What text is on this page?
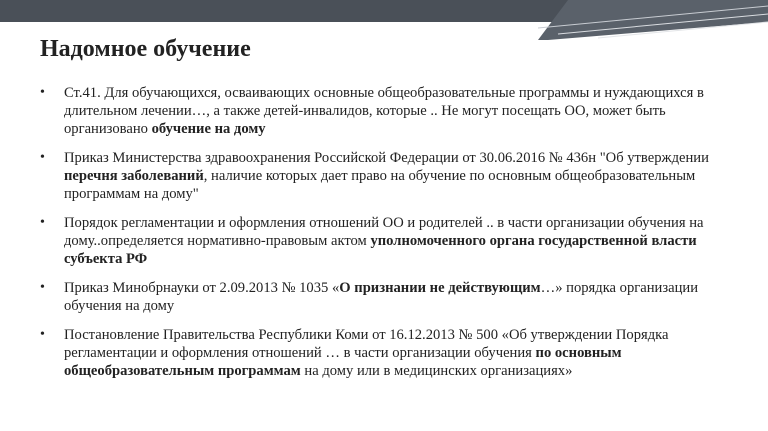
Надомное обучение
• Ст.41. Для обучающихся, осваивающих основные общеобразовательные программы и нуждающихся в длительном лечении…, а также детей-инвалидов, которые .. Не могут посещать ОО, может быть организовано обучение на дому
• Приказ Министерства здравоохранения Российской Федерации от 30.06.2016 № 436н "Об утверждении перечня заболеваний, наличие которых дает право на обучение по основным общеобразовательным программам на дому"
• Порядок регламентации и оформления отношений ОО и родителей .. в части организации обучения на дому..определяется нормативно-правовым актом уполномоченного органа государственной власти субъекта РФ
• Приказ Минобрнауки от 2.09.2013 № 1035 «О признании не действующим…» порядка организации обучения на дому
• Постановление Правительства Республики Коми от 16.12.2013 № 500 «Об утверждении Порядка регламентации и оформления отношений … в части организации обучения по основным общеобразовательным программам на дому или в медицинских организациях»
